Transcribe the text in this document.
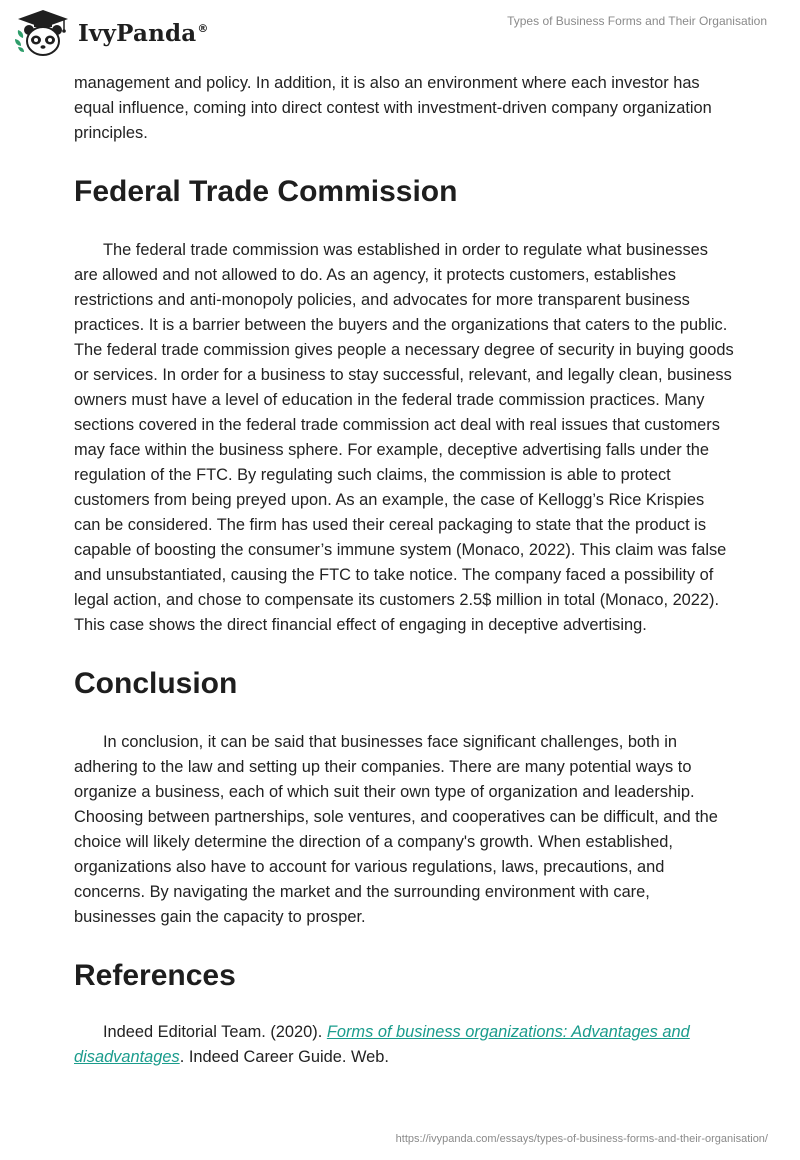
IvyPanda®
Types of Business Forms and Their Organisation

management and policy. In addition, it is also an environment where each investor has equal influence, coming into direct contest with investment-driven company organization principles.

Federal Trade Commission

The federal trade commission was established in order to regulate what businesses are allowed and not allowed to do. As an agency, it protects customers, establishes restrictions and anti-monopoly policies, and advocates for more transparent business practices. It is a barrier between the buyers and the organizations that caters to the public. The federal trade commission gives people a necessary degree of security in buying goods or services. In order for a business to stay successful, relevant, and legally clean, business owners must have a level of education in the federal trade commission practices. Many sections covered in the federal trade commission act deal with real issues that customers may face within the business sphere. For example, deceptive advertising falls under the regulation of the FTC. By regulating such claims, the commission is able to protect customers from being preyed upon. As an example, the case of Kellogg’s Rice Krispies can be considered. The firm has used their cereal packaging to state that the product is capable of boosting the consumer’s immune system (Monaco, 2022). This claim was false and unsubstantiated, causing the FTC to take notice. The company faced a possibility of legal action, and chose to compensate its customers 2.5$ million in total (Monaco, 2022). This case shows the direct financial effect of engaging in deceptive advertising.

Conclusion

In conclusion, it can be said that businesses face significant challenges, both in adhering to the law and setting up their companies. There are many potential ways to organize a business, each of which suit their own type of organization and leadership. Choosing between partnerships, sole ventures, and cooperatives can be difficult, and the choice will likely determine the direction of a company's growth. When established, organizations also have to account for various regulations, laws, precautions, and concerns. By navigating the market and the surrounding environment with care, businesses gain the capacity to prosper.

References

Indeed Editorial Team. (2020). Forms of business organizations: Advantages and disadvantages. Indeed Career Guide. Web.

https://ivypanda.com/essays/types-of-business-forms-and-their-organisation/
